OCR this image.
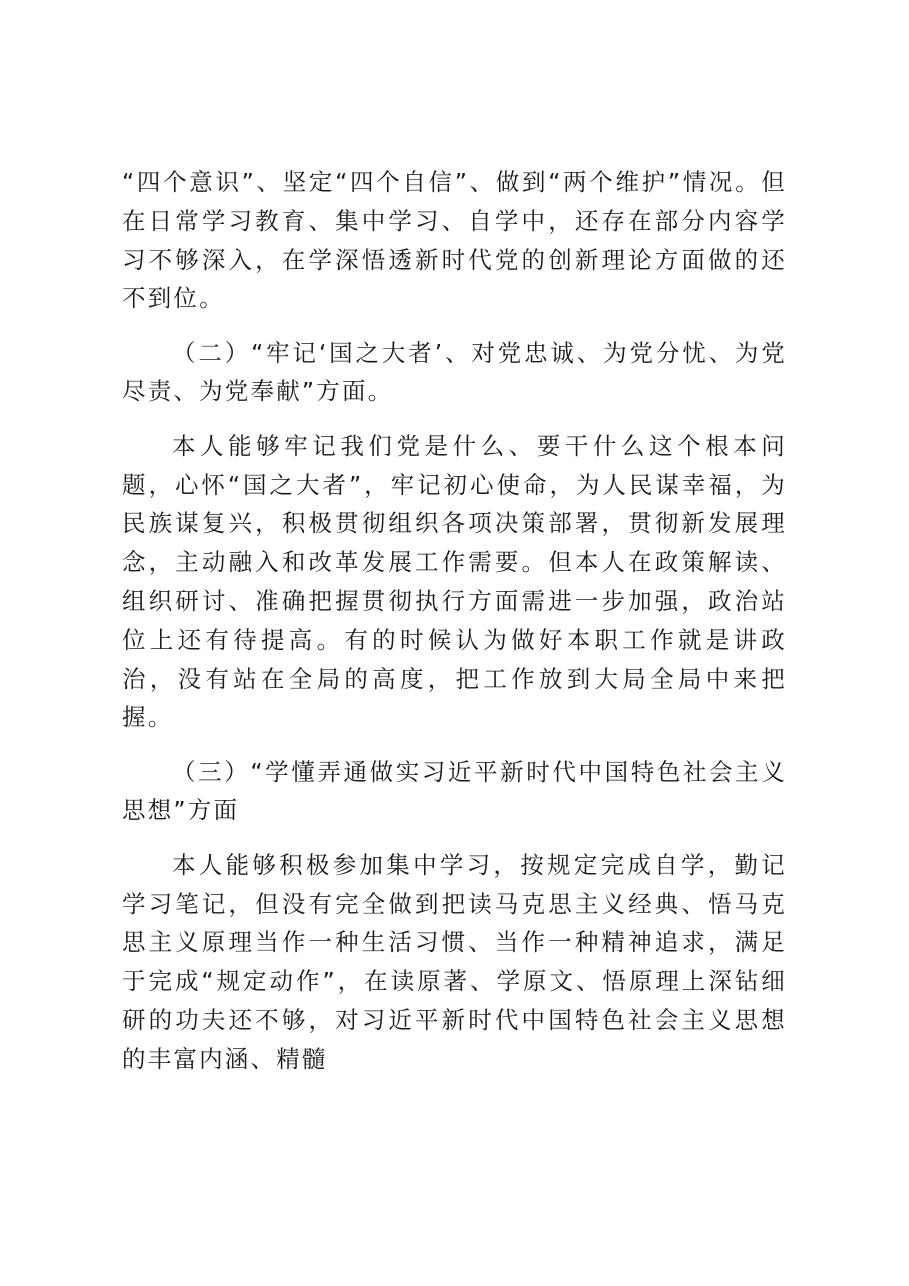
“四个意识”、坚定“四个自信”、做到“两个维护”情况。但在日常学习教育、集中学习、自学中，还存在部分内容学习不够深入，在学深悟透新时代党的创新理论方面做的还不到位。

（二）“牢记‘国之大者’、对党忠诚、为党分忧、为党尽责、为党奉献”方面。

本人能够牢记我们党是什么、要干什么这个根本问题，心怀“国之大者”，牢记初心使命，为人民谋幸福，为民族谋复兴，积极贯彻组织各项决策部署，贯彻新发展理念，主动融入和改革发展工作需要。但本人在政策解读、组织研讨、准确把握贯彻执行方面需进一步加强，政治站位上还有待提高。有的时候认为做好本职工作就是讲政治，没有站在全局的高度，把工作放到大局全局中来把握。

（三）“学懂弄通做实习近平新时代中国特色社会主义思想”方面

本人能够积极参加集中学习，按规定完成自学，勤记学习笔记，但没有完全做到把读马克思主义经典、悟马克思主义原理当作一种生活习惯、当作一种精神追求，满足于完成“规定动作”，在读原著、学原文、悟原理上深钻细研的功夫还不够，对习近平新时代中国特色社会主义思想的丰富内涵、精髓
